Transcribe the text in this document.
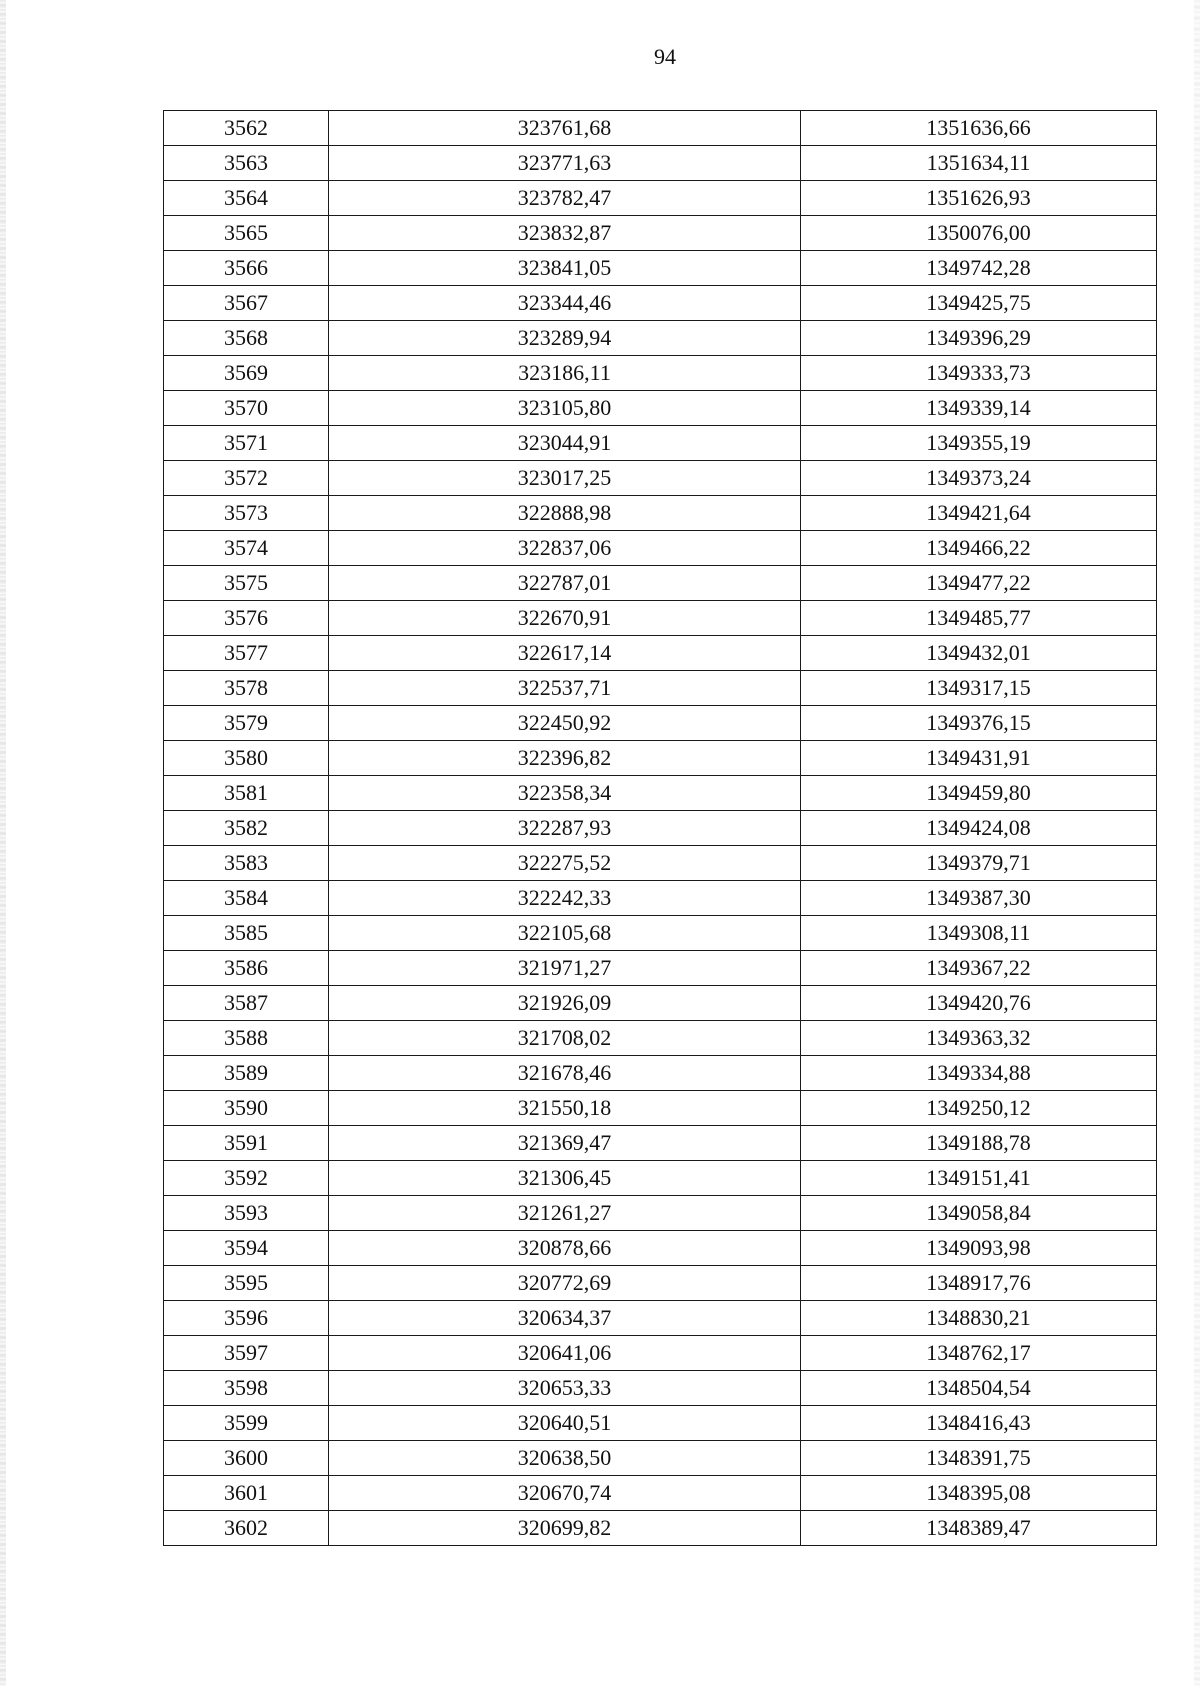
94
3562	323761,68	1351636,66
3563	323771,63	1351634,11
3564	323782,47	1351626,93
3565	323832,87	1350076,00
3566	323841,05	1349742,28
3567	323344,46	1349425,75
3568	323289,94	1349396,29
3569	323186,11	1349333,73
3570	323105,80	1349339,14
3571	323044,91	1349355,19
3572	323017,25	1349373,24
3573	322888,98	1349421,64
3574	322837,06	1349466,22
3575	322787,01	1349477,22
3576	322670,91	1349485,77
3577	322617,14	1349432,01
3578	322537,71	1349317,15
3579	322450,92	1349376,15
3580	322396,82	1349431,91
3581	322358,34	1349459,80
3582	322287,93	1349424,08
3583	322275,52	1349379,71
3584	322242,33	1349387,30
3585	322105,68	1349308,11
3586	321971,27	1349367,22
3587	321926,09	1349420,76
3588	321708,02	1349363,32
3589	321678,46	1349334,88
3590	321550,18	1349250,12
3591	321369,47	1349188,78
3592	321306,45	1349151,41
3593	321261,27	1349058,84
3594	320878,66	1349093,98
3595	320772,69	1348917,76
3596	320634,37	1348830,21
3597	320641,06	1348762,17
3598	320653,33	1348504,54
3599	320640,51	1348416,43
3600	320638,50	1348391,75
3601	320670,74	1348395,08
3602	320699,82	1348389,47
